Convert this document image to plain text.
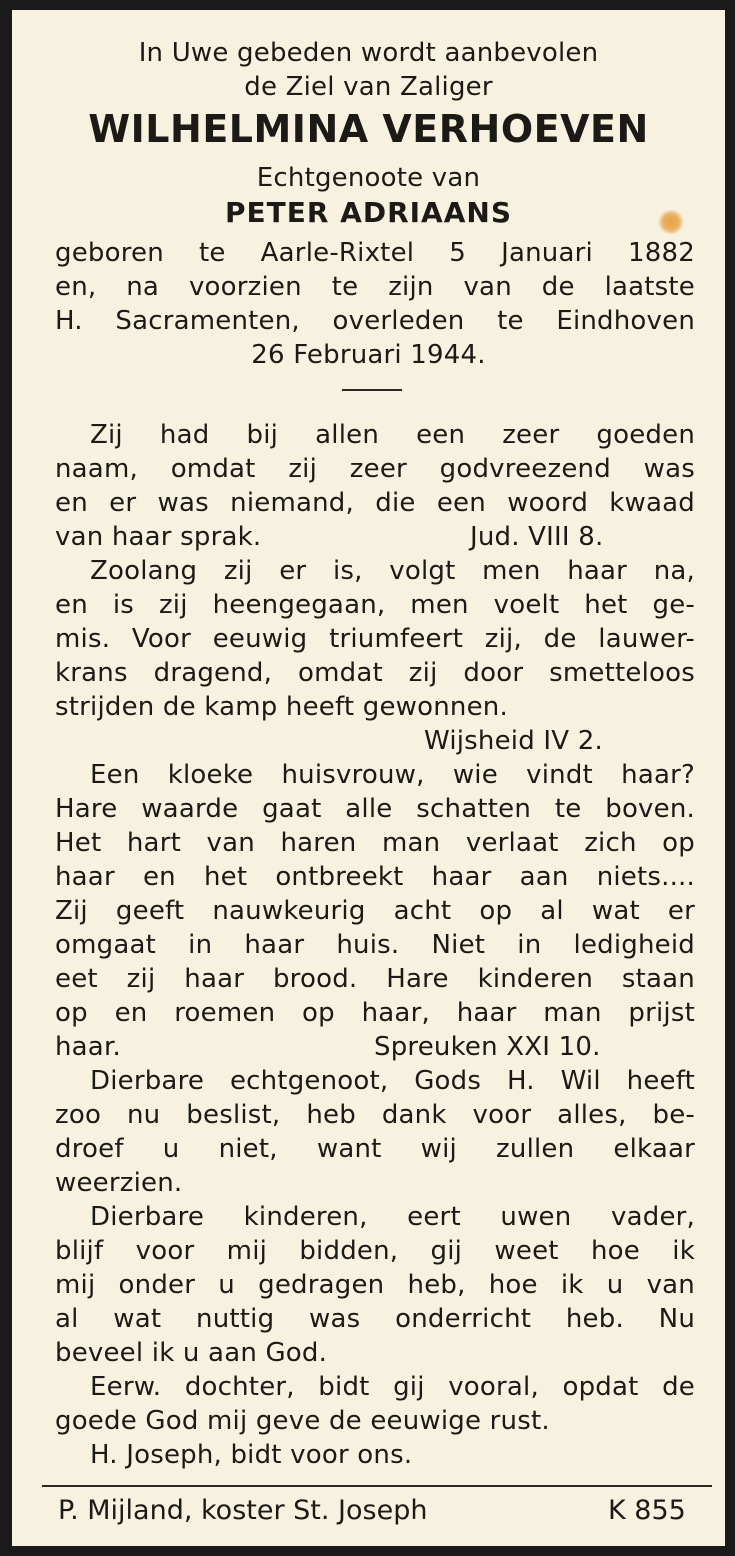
In Uwe gebeden wordt aanbevolen
de Ziel van Zaliger
WILHELMINA VERHOEVEN
Echtgenoote van
PETER ADRIAANS
geboren te Aarle-Rixtel 5 Januari 1882
en, na voorzien te zijn van de laatste
H. Sacramenten, overleden te Eindhoven
26 Februari 1944.
Zij had bij allen een zeer goeden
naam, omdat zij zeer godvreezend was
en er was niemand, die een woord kwaad
van haar sprak.	Jud. VIII 8.
Zoolang zij er is, volgt men haar na,
en is zij heengegaan, men voelt het ge-
mis. Voor eeuwig triumfeert zij, de lauwer-
krans dragend, omdat zij door smetteloos
strijden de kamp heeft gewonnen.
Wijsheid IV 2.
Een kloeke huisvrouw, wie vindt haar?
Hare waarde gaat alle schatten te boven.
Het hart van haren man verlaat zich op
haar en het ontbreekt haar aan niets....
Zij geeft nauwkeurig acht op al wat er
omgaat in haar huis. Niet in ledigheid
eet zij haar brood. Hare kinderen staan
op en roemen op haar, haar man prijst
haar.	Spreuken XXI 10.
Dierbare echtgenoot, Gods H. Wil heeft
zoo nu beslist, heb dank voor alles, be-
droef u niet, want wij zullen elkaar
weerzien.
Dierbare kinderen, eert uwen vader,
blijf voor mij bidden, gij weet hoe ik
mij onder u gedragen heb, hoe ik u van
al wat nuttig was onderricht heb. Nu
beveel ik u aan God.
Eerw. dochter, bidt gij vooral, opdat de
goede God mij geve de eeuwige rust.
H. Joseph, bidt voor ons.
P. Mijland, koster St. Joseph	K 855
